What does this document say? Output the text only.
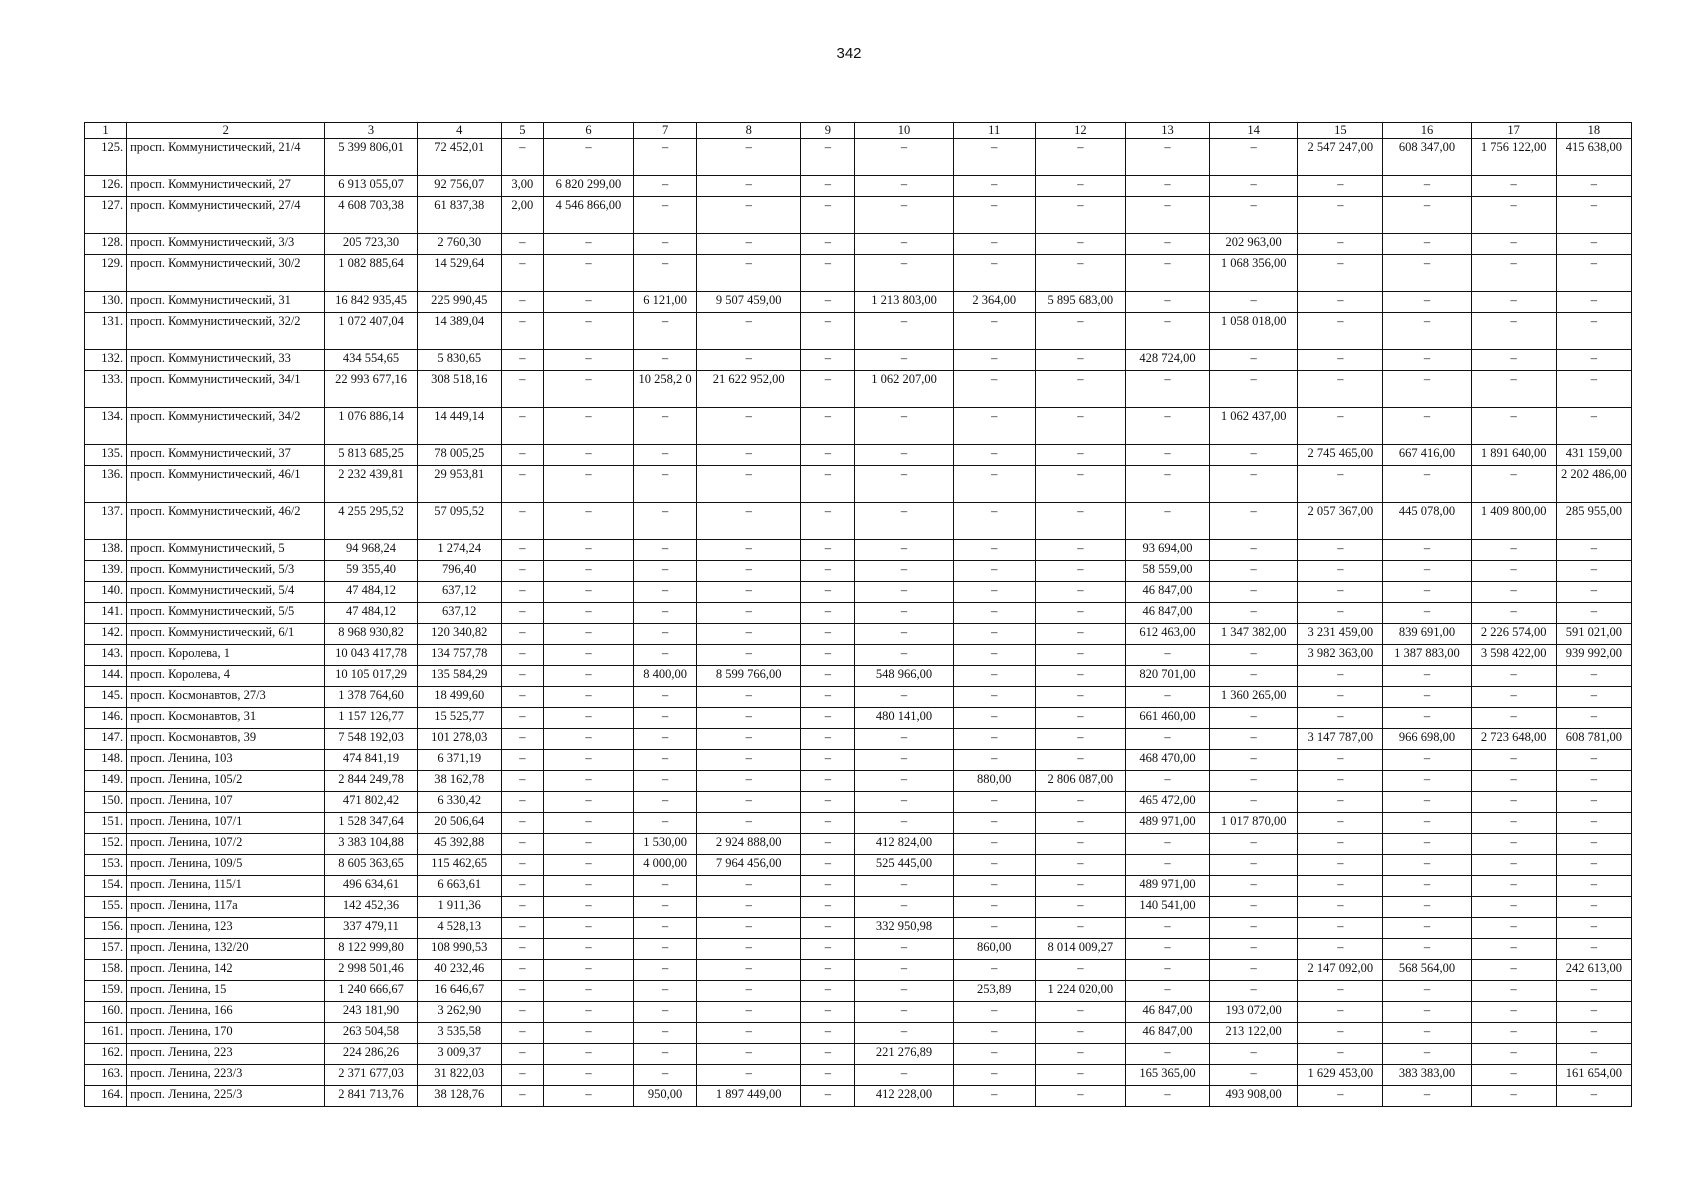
342
1	2	3	4	5	6	7	8	9	10	11	12	13	14	15	16	17	18
125.	просп. Коммунистический, 21/4	5 399 806,01	72 452,01	–	–	–	–	–	–	–	–	–	–	2 547 247,00	608 347,00	1 756 122,00	415 638,00
126.	просп. Коммунистический, 27	6 913 055,07	92 756,07	3,00	6 820 299,00	–	–	–	–	–	–	–	–	–	–	–	–
127.	просп. Коммунистический, 27/4	4 608 703,38	61 837,38	2,00	4 546 866,00	–	–	–	–	–	–	–	–	–	–	–	–
128.	просп. Коммунистический, 3/3	205 723,30	2 760,30	–	–	–	–	–	–	–	–	–	202 963,00	–	–	–	–
129.	просп. Коммунистический, 30/2	1 082 885,64	14 529,64	–	–	–	–	–	–	–	–	–	1 068 356,00	–	–	–	–
130.	просп. Коммунистический, 31	16 842 935,45	225 990,45	–	–	6 121,00	9 507 459,00	–	1 213 803,00	2 364,00	5 895 683,00	–	–	–	–	–	–
131.	просп. Коммунистический, 32/2	1 072 407,04	14 389,04	–	–	–	–	–	–	–	–	–	1 058 018,00	–	–	–	–
132.	просп. Коммунистический, 33	434 554,65	5 830,65	–	–	–	–	–	–	–	–	428 724,00	–	–	–	–	–
133.	просп. Коммунистический, 34/1	22 993 677,16	308 518,16	–	–	10 258,2 0	21 622 952,00	–	1 062 207,00	–	–	–	–	–	–	–	–
134.	просп. Коммунистический, 34/2	1 076 886,14	14 449,14	–	–	–	–	–	–	–	–	–	1 062 437,00	–	–	–	–
135.	просп. Коммунистический, 37	5 813 685,25	78 005,25	–	–	–	–	–	–	–	–	–	–	2 745 465,00	667 416,00	1 891 640,00	431 159,00
136.	просп. Коммунистический, 46/1	2 232 439,81	29 953,81	–	–	–	–	–	–	–	–	–	–	–	–	–	2 202 486,00
137.	просп. Коммунистический, 46/2	4 255 295,52	57 095,52	–	–	–	–	–	–	–	–	–	–	2 057 367,00	445 078,00	1 409 800,00	285 955,00
138.	просп. Коммунистический, 5	94 968,24	1 274,24	–	–	–	–	–	–	–	–	93 694,00	–	–	–	–	–
139.	просп. Коммунистический, 5/3	59 355,40	796,40	–	–	–	–	–	–	–	–	58 559,00	–	–	–	–	–
140.	просп. Коммунистический, 5/4	47 484,12	637,12	–	–	–	–	–	–	–	–	46 847,00	–	–	–	–	–
141.	просп. Коммунистический, 5/5	47 484,12	637,12	–	–	–	–	–	–	–	–	46 847,00	–	–	–	–	–
142.	просп. Коммунистический, 6/1	8 968 930,82	120 340,82	–	–	–	–	–	–	–	–	612 463,00	1 347 382,00	3 231 459,00	839 691,00	2 226 574,00	591 021,00
143.	просп. Королева, 1	10 043 417,78	134 757,78	–	–	–	–	–	–	–	–	–	–	3 982 363,00	1 387 883,00	3 598 422,00	939 992,00
144.	просп. Королева, 4	10 105 017,29	135 584,29	–	–	8 400,00	8 599 766,00	–	548 966,00	–	–	820 701,00	–	–	–	–	–
145.	просп. Космонавтов, 27/3	1 378 764,60	18 499,60	–	–	–	–	–	–	–	–	–	1 360 265,00	–	–	–	–
146.	просп. Космонавтов, 31	1 157 126,77	15 525,77	–	–	–	–	–	480 141,00	–	–	661 460,00	–	–	–	–	–
147.	просп. Космонавтов, 39	7 548 192,03	101 278,03	–	–	–	–	–	–	–	–	–	–	3 147 787,00	966 698,00	2 723 648,00	608 781,00
148.	просп. Ленина, 103	474 841,19	6 371,19	–	–	–	–	–	–	–	–	468 470,00	–	–	–	–	–
149.	просп. Ленина, 105/2	2 844 249,78	38 162,78	–	–	–	–	–	–	880,00	2 806 087,00	–	–	–	–	–	–
150.	просп. Ленина, 107	471 802,42	6 330,42	–	–	–	–	–	–	–	–	465 472,00	–	–	–	–	–
151.	просп. Ленина, 107/1	1 528 347,64	20 506,64	–	–	–	–	–	–	–	–	489 971,00	1 017 870,00	–	–	–	–
152.	просп. Ленина, 107/2	3 383 104,88	45 392,88	–	–	1 530,00	2 924 888,00	–	412 824,00	–	–	–	–	–	–	–	–
153.	просп. Ленина, 109/5	8 605 363,65	115 462,65	–	–	4 000,00	7 964 456,00	–	525 445,00	–	–	–	–	–	–	–	–
154.	просп. Ленина, 115/1	496 634,61	6 663,61	–	–	–	–	–	–	–	–	489 971,00	–	–	–	–	–
155.	просп. Ленина, 117а	142 452,36	1 911,36	–	–	–	–	–	–	–	–	140 541,00	–	–	–	–	–
156.	просп. Ленина, 123	337 479,11	4 528,13	–	–	–	–	–	332 950,98	–	–	–	–	–	–	–	–
157.	просп. Ленина, 132/20	8 122 999,80	108 990,53	–	–	–	–	–	–	860,00	8 014 009,27	–	–	–	–	–	–
158.	просп. Ленина, 142	2 998 501,46	40 232,46	–	–	–	–	–	–	–	–	–	–	2 147 092,00	568 564,00	–	242 613,00
159.	просп. Ленина, 15	1 240 666,67	16 646,67	–	–	–	–	–	–	253,89	1 224 020,00	–	–	–	–	–	–
160.	просп. Ленина, 166	243 181,90	3 262,90	–	–	–	–	–	–	–	–	46 847,00	193 072,00	–	–	–	–
161.	просп. Ленина, 170	263 504,58	3 535,58	–	–	–	–	–	–	–	–	46 847,00	213 122,00	–	–	–	–
162.	просп. Ленина, 223	224 286,26	3 009,37	–	–	–	–	–	221 276,89	–	–	–	–	–	–	–	–
163.	просп. Ленина, 223/3	2 371 677,03	31 822,03	–	–	–	–	–	–	–	–	165 365,00	–	1 629 453,00	383 383,00	–	161 654,00
164.	просп. Ленина, 225/3	2 841 713,76	38 128,76	–	–	950,00	1 897 449,00	–	412 228,00	–	–	–	493 908,00	–	–	–	–
